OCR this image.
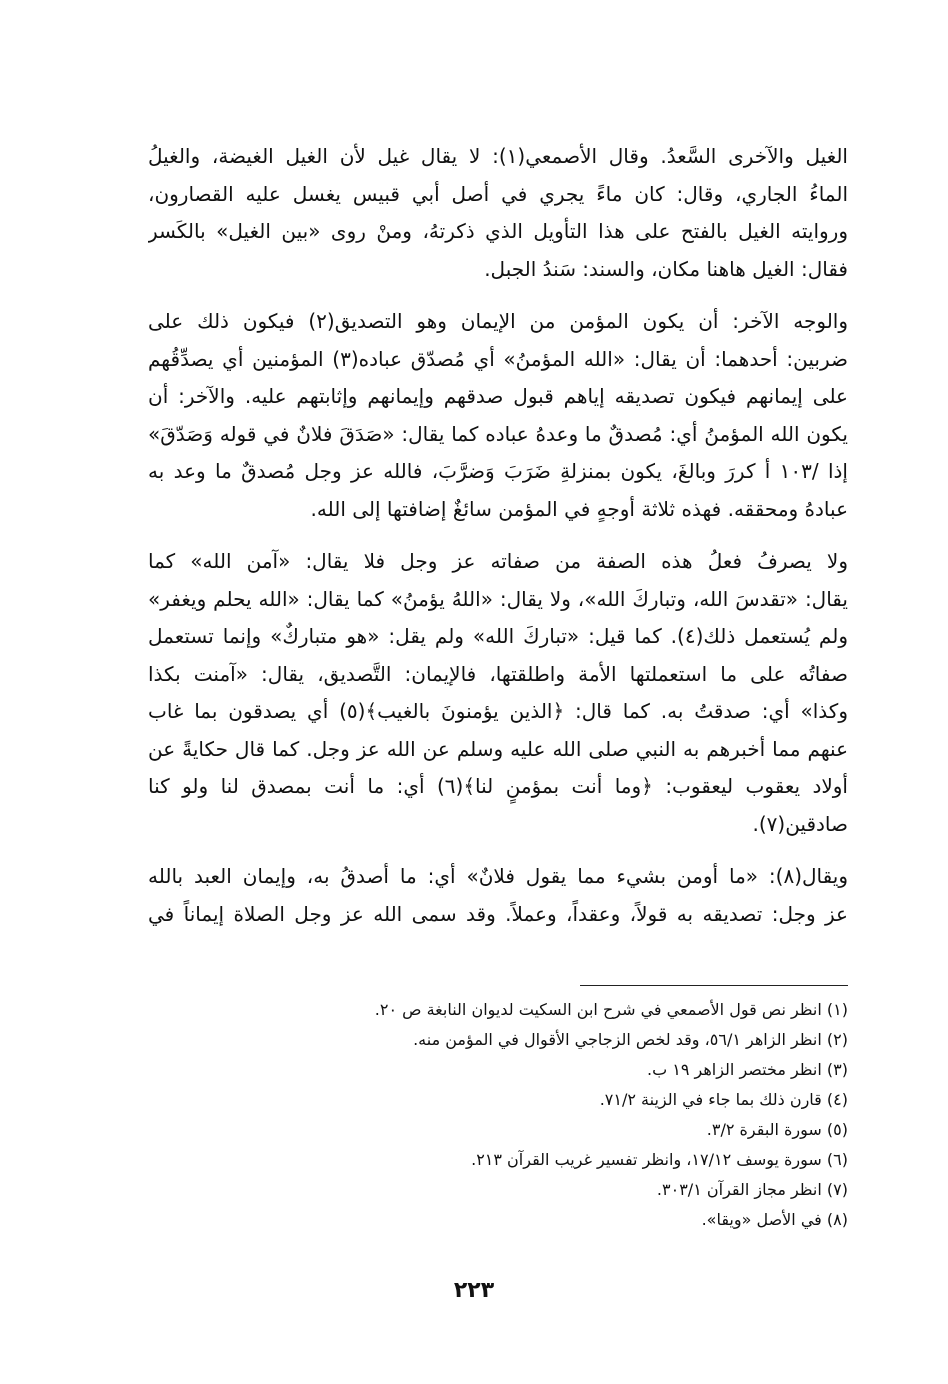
الغيل والآخرى السَّعدُ. وقال الأصمعي(١): لا يقال غيل لأن الغيل الغيضة، والغيلُ

الماءُ الجاري، وقال: كان ماءً يجري في أصل أبي قبيس يغسل عليه القصارون،

وروايته الغيل بالفتح على هذا التأويل الذي ذكرتهُ، ومنْ روى «بين الغيل» بالكَسر

فقال: الغيل هاهنا مكان، والسند: سَندُ الجبل.

والوجه الآخر: أن يكون المؤمن من الإيمان وهو التصديق(٢) فيكون ذلك على

ضربين: أحدهما: أن يقال: «الله المؤمنُ» أي مُصدّق عباده(٣) المؤمنين أي يصدِّقُهم

على إيمانهم فيكون تصديقه إياهم قبول صدقهم وإيمانهم وإثابتهم عليه. والآخر: أن

يكون الله المؤمنُ أي: مُصدقٌ ما وعدهُ عباده كما يقال: «صَدَقَ فلانٌ في قوله وَصَدّقَ»

إذا /١٠٣ أ كررَ وبالغَ، يكون بمنزلةِ ضَرَبَ وَضرَّبَ، فالله عز وجل مُصدقٌ ما وعد به

عبادهُ ومحققه. فهذه ثلاثة أوجهٍ في المؤمن سائغٌ إضافتها إلى الله.

ولا يصرفُ فعلُ هذه الصفة من صفاته عز وجل فلا يقال: «آمن الله» كما

يقال: «تقدسَ الله، وتباركَ الله»، ولا يقال: «اللهُ يؤمنُ» كما يقال: «الله يحلم ويغفر»

ولم يُستعمل ذلك(٤). كما قيل: «تباركَ الله» ولم يقل: «هو متباركٌ» وإنما تستعمل

صفاتُه على ما استعملتها الأمة واطلقتها، فالإيمان: التَّصديق، يقال: «آمنت بكذا

وكذا» أي: صدقتُ به. كما قال: ﴿الذين يؤمنونَ بالغيب﴾(٥) أي يصدقون بما غاب

عنهم مما أخبرهم به النبي صلى الله عليه وسلم عن الله عز وجل. كما قال حكايةً عن

أولاد يعقوب ليعقوب: ﴿وما أنت بمؤمنٍ لنا﴾(٦) أي: ما أنت بمصدق لنا ولو كنا

صادقين(٧).

ويقال(٨): «ما أومن بشيء مما يقول فلانٌ» أي: ما أصدقُ به، وإيمان العبد بالله

عز وجل: تصديقه به قولاً، وعقداً، وعملاً. وقد سمى الله عز وجل الصلاة إيماناً في

(١) انظر نص قول الأصمعي في شرح ابن السكيت لديوان النابغة ص ٢٠.

(٢) انظر الزاهر ٥٦/١، وقد لخص الزجاجي الأقوال في المؤمن منه.

(٣) انظر مختصر الزاهر ١٩ ب.

(٤) قارن ذلك بما جاء في الزينة ٧١/٢.

(٥) سورة البقرة ٣/٢.

(٦) سورة يوسف ١٧/١٢، وانظر تفسير غريب القرآن ٢١٣.

(٧) انظر مجاز القرآن ٣٠٣/١.

(٨) في الأصل «ويقا».

٢٢٣
